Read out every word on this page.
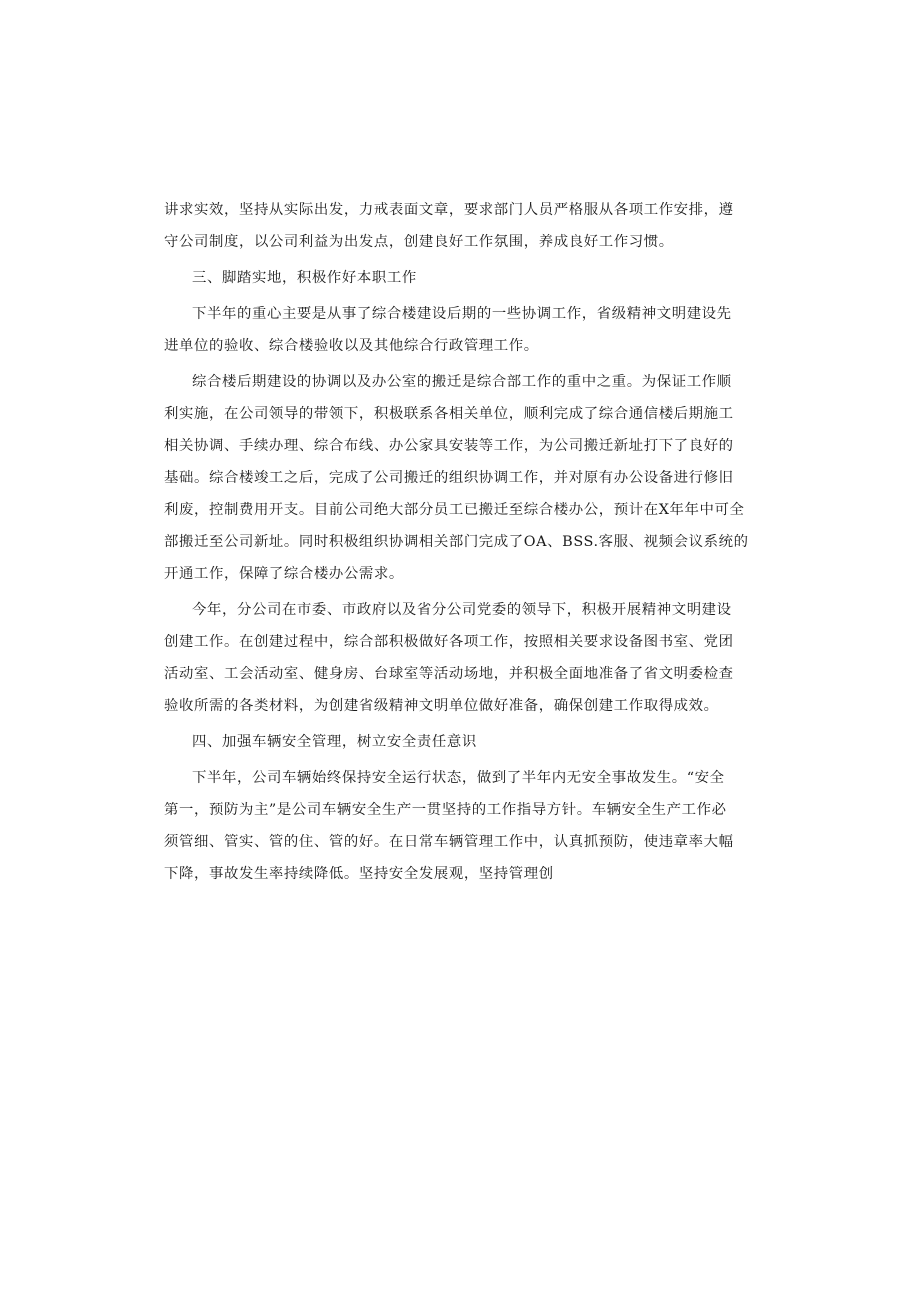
讲求实效，坚持从实际出发，力戒表面文章，要求部门人员严格服从各项工作安排，遵
守公司制度，以公司利益为出发点，创建良好工作氛围，养成良好工作习惯。
三、脚踏实地，积极作好本职工作
下半年的重心主要是从事了综合楼建设后期的一些协调工作，省级精神文明建设先
进单位的验收、综合楼验收以及其他综合行政管理工作。
综合楼后期建设的协调以及办公室的搬迁是综合部工作的重中之重。为保证工作顺
利实施，在公司领导的带领下，积极联系各相关单位，顺利完成了综合通信楼后期施工
相关协调、手续办理、综合布线、办公家具安装等工作，为公司搬迁新址打下了良好的
基础。综合楼竣工之后，完成了公司搬迁的组织协调工作，并对原有办公设备进行修旧
利废，控制费用开支。目前公司绝大部分员工已搬迁至综合楼办公，预计在X年年中可全
部搬迁至公司新址。同时积极组织协调相关部门完成了OA、BSS.客服、视频会议系统的
开通工作，保障了综合楼办公需求。
今年，分公司在市委、市政府以及省分公司党委的领导下，积极开展精神文明建设
创建工作。在创建过程中，综合部积极做好各项工作，按照相关要求设备图书室、党团
活动室、工会活动室、健身房、台球室等活动场地，并积极全面地准备了省文明委检查
验收所需的各类材料，为创建省级精神文明单位做好准备，确保创建工作取得成效。
四、加强车辆安全管理，树立安全责任意识
下半年，公司车辆始终保持安全运行状态，做到了半年内无安全事故发生。“安全
第一，预防为主”是公司车辆安全生产一贯坚持的工作指导方针。车辆安全生产工作必
须管细、管实、管的住、管的好。在日常车辆管理工作中，认真抓预防，使违章率大幅
下降，事故发生率持续降低。坚持安全发展观，坚持管理创
